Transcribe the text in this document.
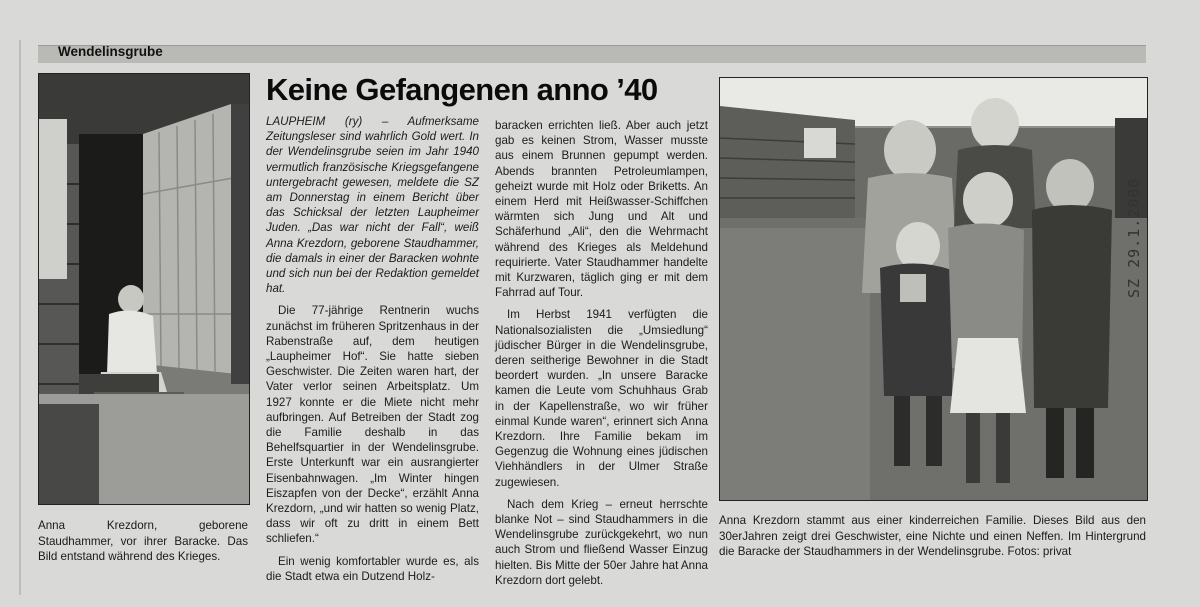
Wendelinsgrube
Anna Krezdorn, geborene Staudhammer, vor ihrer Baracke. Das Bild entstand während des Krieges.
Keine Gefangenen anno ’40

LAUPHEIM (ry) – Aufmerksame Zeitungsleser sind wahrlich Gold wert. In der Wendelinsgrube seien im Jahr 1940 vermutlich französische Kriegsgefangene untergebracht gewesen, meldete die SZ am Donnerstag in einem Bericht über das Schicksal der letzten Laupheimer Juden. „Das war nicht der Fall“, weiß Anna Krezdorn, geborene Staudhammer, die damals in einer der Baracken wohnte und sich nun bei der Redaktion gemeldet hat.

Die 77-jährige Rentnerin wuchs zunächst im früheren Spritzenhaus in der Rabenstraße auf, dem heutigen „Laupheimer Hof“. Sie hatte sieben Geschwister. Die Zeiten waren hart, der Vater verlor seinen Arbeitsplatz. Um 1927 konnte er die Miete nicht mehr aufbringen. Auf Betreiben der Stadt zog die Familie deshalb in das Behelfsquartier in der Wendelinsgrube. Erste Unterkunft war ein ausrangierter Eisenbahnwagen. „Im Winter hingen Eiszapfen von der Decke“, erzählt Anna Krezdorn, „und wir hatten so wenig Platz, dass wir oft zu dritt in einem Bett schliefen.“

Ein wenig komfortabler wurde es, als die Stadt etwa ein Dutzend Holz-

baracken errichten ließ. Aber auch jetzt gab es keinen Strom, Wasser musste aus einem Brunnen gepumpt werden. Abends brannten Petroleumlampen, geheizt wurde mit Holz oder Briketts. An einem Herd mit Heißwasser-Schiffchen wärmten sich Jung und Alt und Schäferhund „Ali“, den die Wehrmacht während des Krieges als Meldehund requirierte. Vater Staudhammer handelte mit Kurzwaren, täglich ging er mit dem Fahrrad auf Tour.

Im Herbst 1941 verfügten die Nationalsozialisten die „Umsiedlung“ jüdischer Bürger in die Wendelinsgrube, deren seitherige Bewohner in die Stadt beordert wurden. „In unsere Baracke kamen die Leute vom Schuhhaus Grab in der Kapellenstraße, wo wir früher einmal Kunde waren“, erinnert sich Anna Krezdorn. Ihre Familie bekam im Gegenzug die Wohnung eines jüdischen Viehhändlers in der Ulmer Straße zugewiesen.

Nach dem Krieg – erneut herrschte blanke Not – sind Staudhammers in die Wendelinsgrube zurückgekehrt, wo nun auch Strom und fließend Wasser Einzug hielten. Bis Mitte der 50er Jahre hat Anna Krezdorn dort gelebt.

Anna Krezdorn stammt aus einer kinderreichen Familie. Dieses Bild aus den 30erJahren zeigt drei Geschwister, eine Nichte und einen Neffen. Im Hintergrund die Baracke der Staudhammers in der Wendelinsgrube. Fotos: privat
SZ 29.1.2000
